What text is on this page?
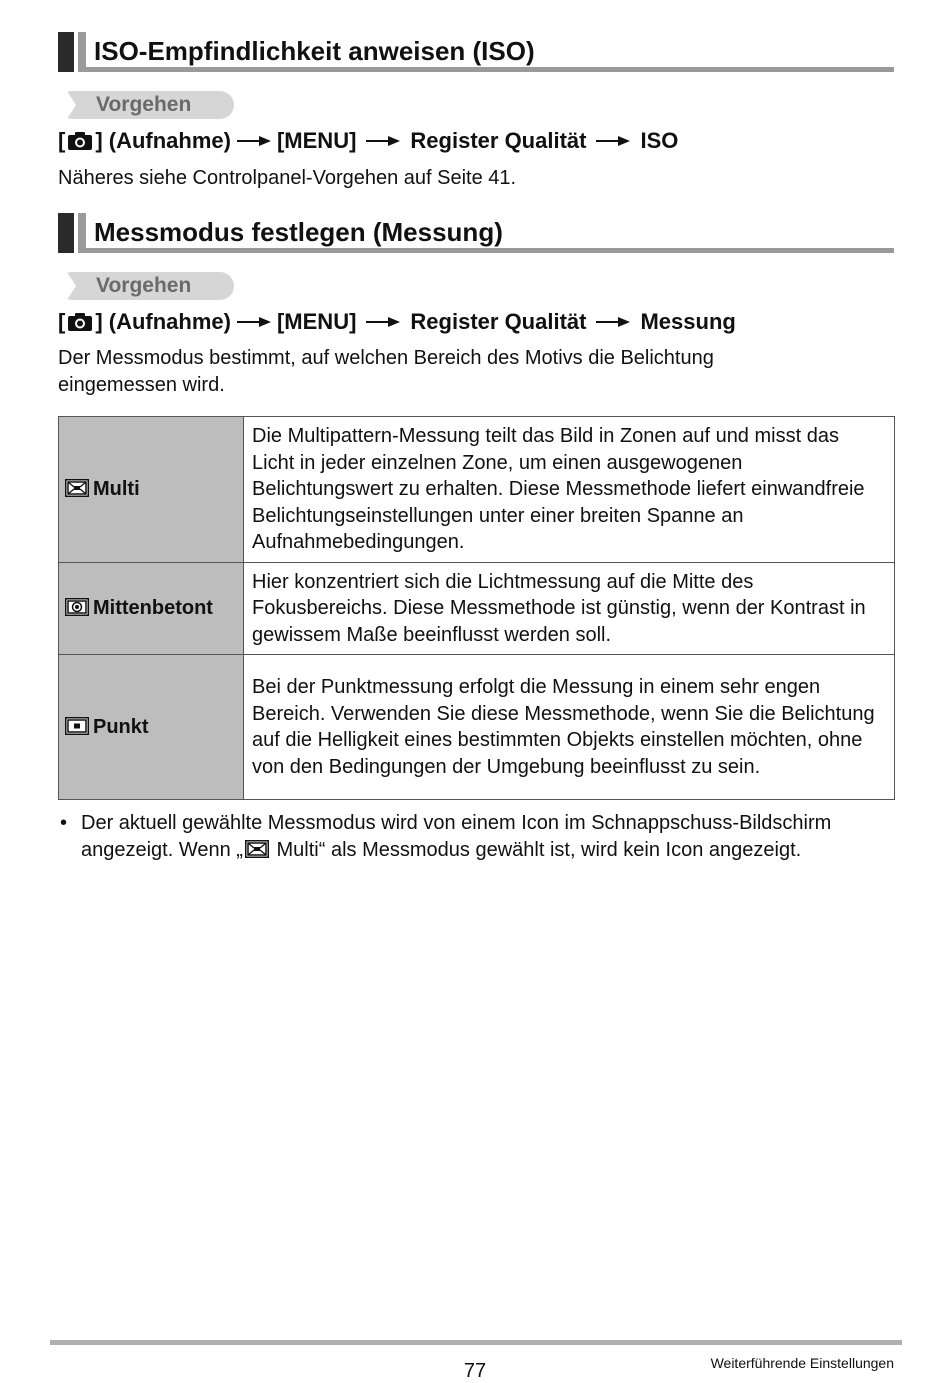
ISO-Empfindlichkeit anweisen (ISO)
Vorgehen
[ ] (Aufnahme) [MENU] Register Qualität ISO
Näheres siehe Controlpanel-Vorgehen auf Seite 41.
Messmodus festlegen (Messung)
Vorgehen
[ ] (Aufnahme) [MENU] Register Qualität Messung
Der Messmodus bestimmt, auf welchen Bereich des Motivs die Belichtung eingemessen wird.
Multi	Die Multipattern-Messung teilt das Bild in Zonen auf und misst das Licht in jeder einzelnen Zone, um einen ausgewogenen Belichtungswert zu erhalten. Diese Messmethode liefert einwandfreie Belichtungseinstellungen unter einer breiten Spanne an Aufnahmebedingungen.
Mittenbetont	Hier konzentriert sich die Lichtmessung auf die Mitte des Fokusbereichs. Diese Messmethode ist günstig, wenn der Kontrast in gewissem Maße beeinflusst werden soll.
Punkt	Bei der Punktmessung erfolgt die Messung in einem sehr engen Bereich. Verwenden Sie diese Messmethode, wenn Sie die Belichtung auf die Helligkeit eines bestimmten Objekts einstellen möchten, ohne von den Bedingungen der Umgebung beeinflusst zu sein.
• Der aktuell gewählte Messmodus wird von einem Icon im Schnappschuss-Bildschirm angezeigt. Wenn „ Multi“ als Messmodus gewählt ist, wird kein Icon angezeigt.
77	Weiterführende Einstellungen
